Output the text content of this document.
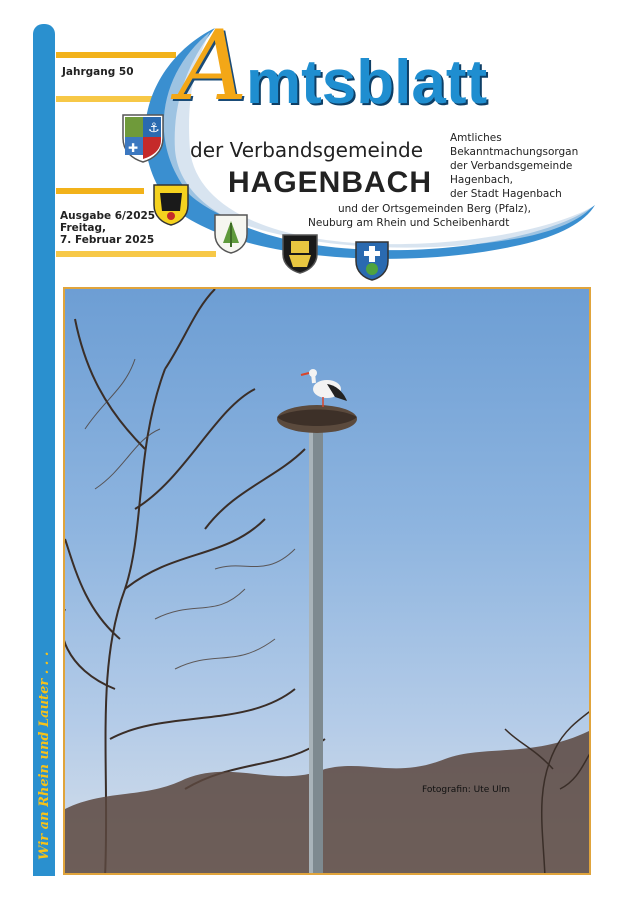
Wir an Rhein und Lauter . . .
Jahrgang 50
Ausgabe 6/2025
Freitag,
7. Februar 2025
A
mtsblatt
der Verbandsgemeinde
HAGENBACH
Amtliches
Bekanntmachungsorgan
der Verbandsgemeinde
Hagenbach,
der Stadt Hagenbach
und der Ortsgemeinden Berg (Pfalz),
Neuburg am Rhein und Scheibenhardt
⚓
✚
Fotografin: Ute Ulm
